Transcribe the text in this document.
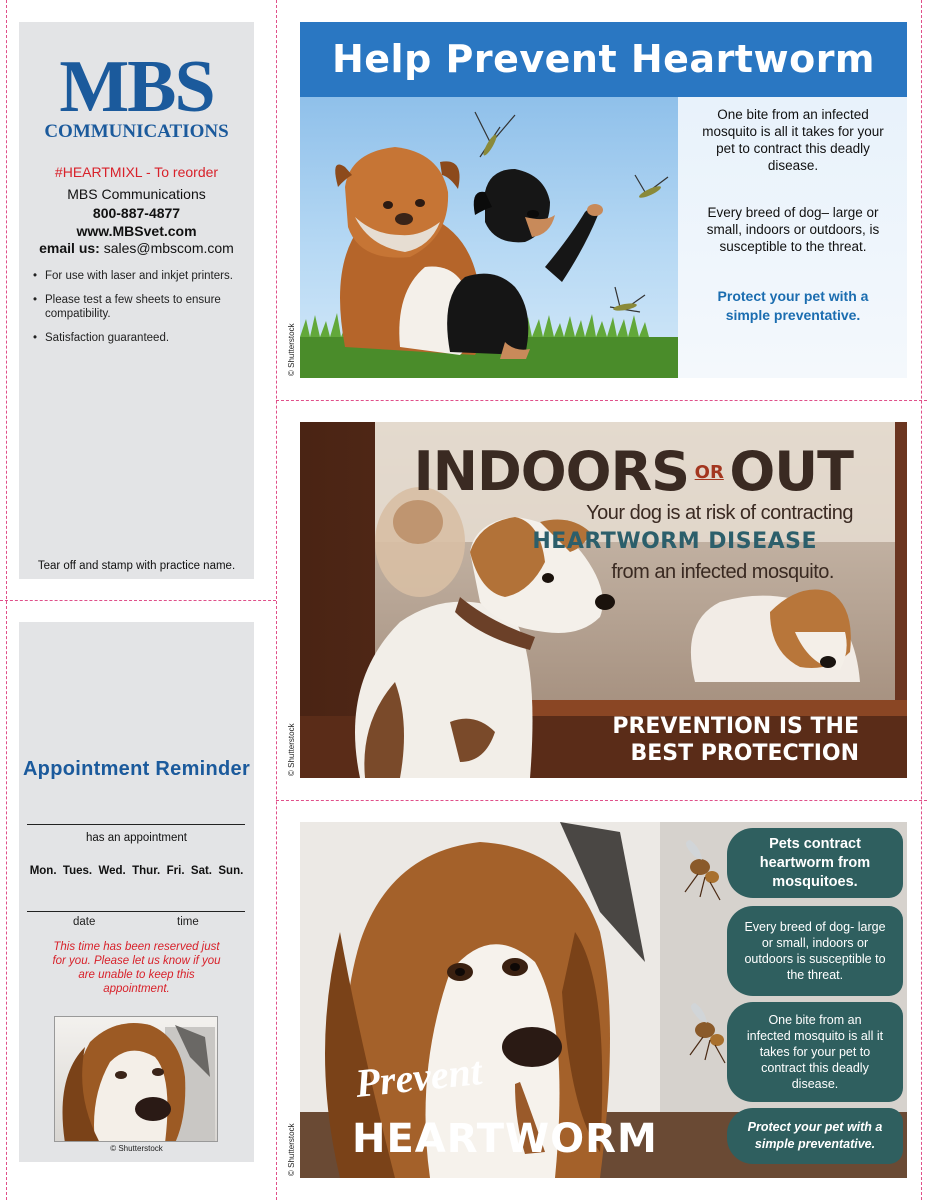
MBS
COMMUNICATIONS
#HEARTMIXL - To reorder
MBS Communications
800-887-4877
www.MBSvet.com
email us: sales@mbscom.com
• For use with laser and inkjet printers.
• Please test a few sheets to ensure compatibility.
• Satisfaction guaranteed.
Tear off and stamp with practice name.
Appointment Reminder
has an appointment
Mon.  Tues.  Wed.  Thur.  Fri.  Sat.  Sun.
date	time
This time has been reserved just for you. Please let us know if you are unable to keep this appointment.
© Shutterstock
Help Prevent Heartworm
One bite from an infected mosquito is all it takes for your pet to contract this deadly disease.
Every breed of dog– large or small, indoors or outdoors, is susceptible to the threat.
Protect your pet with a simple preventative.
© Shutterstock
INDOORS OR OUT
Your dog is at risk of contracting
HEARTWORM DISEASE
from an infected mosquito.
PREVENTION IS THE
BEST PROTECTION
© Shutterstock
Pets contract heartworm from mosquitoes.
Every breed of dog- large or small, indoors or outdoors is susceptible to the threat.
One bite from an infected mosquito is all it takes for your pet to contract this deadly disease.
Protect your pet with a simple preventative.
Prevent
HEARTWORM
© Shutterstock
